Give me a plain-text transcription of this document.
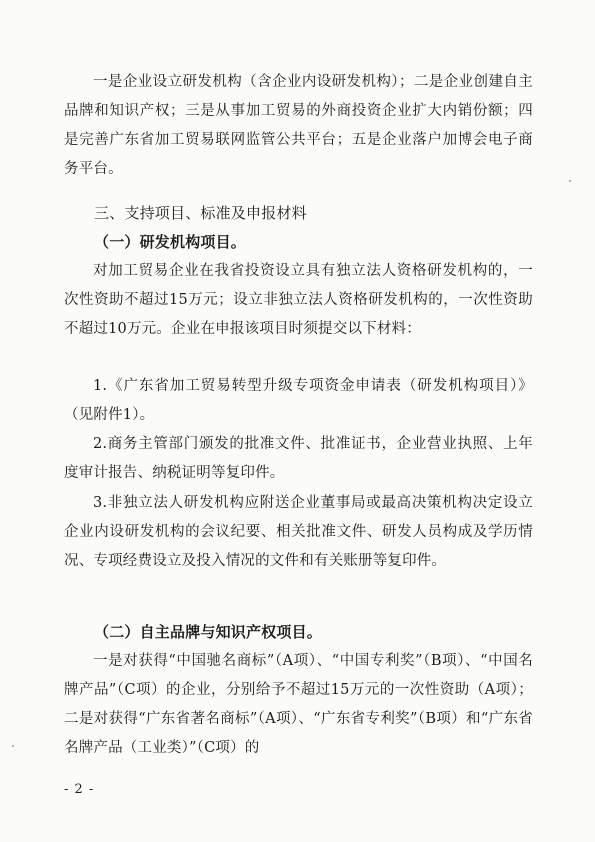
一是企业设立研发机构（含企业内设研发机构）；二是企业创建自主品牌和知识产权；三是从事加工贸易的外商投资企业扩大内销份额；四是完善广东省加工贸易联网监管公共平台；五是企业落户加博会电子商务平台。

三、支持项目、标准及申报材料

（一）研发机构项目。

对加工贸易企业在我省投资设立具有独立法人资格研发机构的，一次性资助不超过15万元；设立非独立法人资格研发机构的，一次性资助不超过10万元。企业在申报该项目时须提交以下材料：

1.《广东省加工贸易转型升级专项资金申请表（研发机构项目）》（见附件1）。

2.商务主管部门颁发的批准文件、批准证书，企业营业执照、上年度审计报告、纳税证明等复印件。

3.非独立法人研发机构应附送企业董事局或最高决策机构决定设立企业内设研发机构的会议纪要、相关批准文件、研发人员构成及学历情况、专项经费设立及投入情况的文件和有关账册等复印件。

（二）自主品牌与知识产权项目。

一是对获得“中国驰名商标”（A项）、“中国专利奖”（B项）、“中国名牌产品”（C项）的企业，分别给予不超过15万元的一次性资助（A项）；二是对获得“广东省著名商标”（A项）、“广东省专利奖”（B项）和“广东省名牌产品（工业类）”（C项）的

- 2 -
